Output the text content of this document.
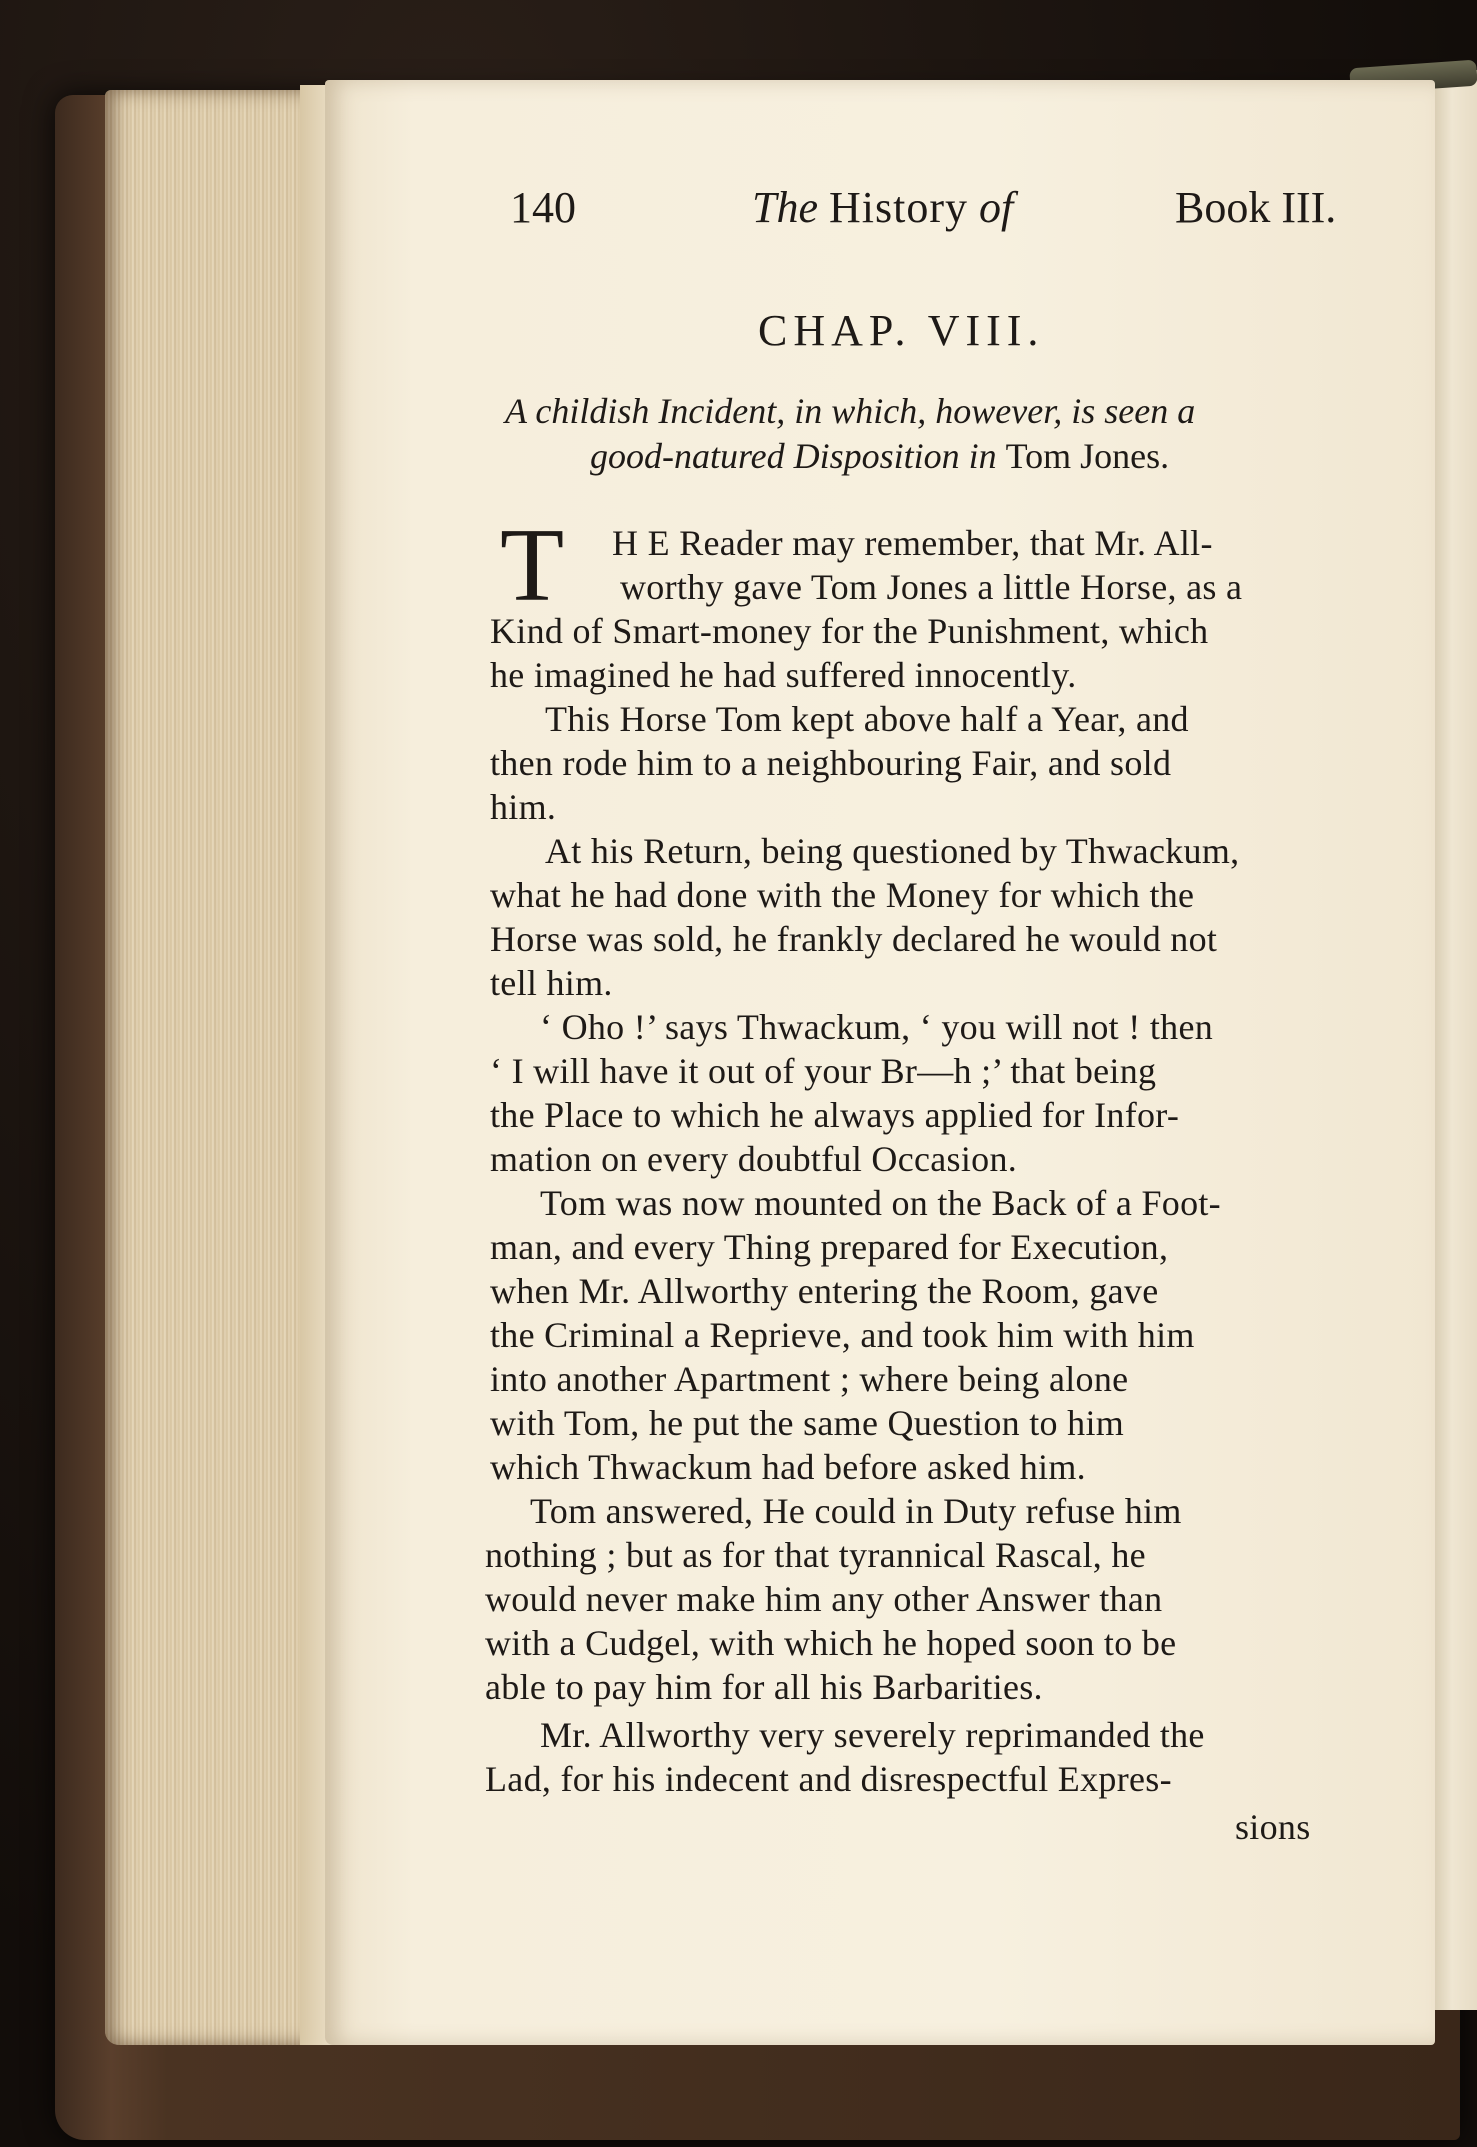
140	The History of	Book III.
CHAP. VIII.
A childish Incident, in which, however, is seen a
good-natured Disposition in Tom Jones.
T H E Reader may remember, that Mr. All-
worthy gave Tom Jones a little Horse, as a
Kind of Smart-money for the Punishment, which
he imagined he had suffered innocently.
This Horse Tom kept above half a Year, and
then rode him to a neighbouring Fair, and sold
him.
At his Return, being questioned by Thwackum,
what he had done with the Money for which the
Horse was sold, he frankly declared he would not
tell him.
‘ Oho !’ says Thwackum, ‘ you will not ! then
‘ I will have it out of your Br—h ;’ that being
the Place to which he always applied for Infor-
mation on every doubtful Occasion.
Tom was now mounted on the Back of a Foot-
man, and every Thing prepared for Execution,
when Mr. Allworthy entering the Room, gave
the Criminal a Reprieve, and took him with him
into another Apartment ; where being alone
with Tom, he put the same Question to him
which Thwackum had before asked him.
Tom answered, He could in Duty refuse him
nothing ; but as for that tyrannical Rascal, he
would never make him any other Answer than
with a Cudgel, with which he hoped soon to be
able to pay him for all his Barbarities.
Mr. Allworthy very severely reprimanded the
Lad, for his indecent and disrespectful Expres-
sions
